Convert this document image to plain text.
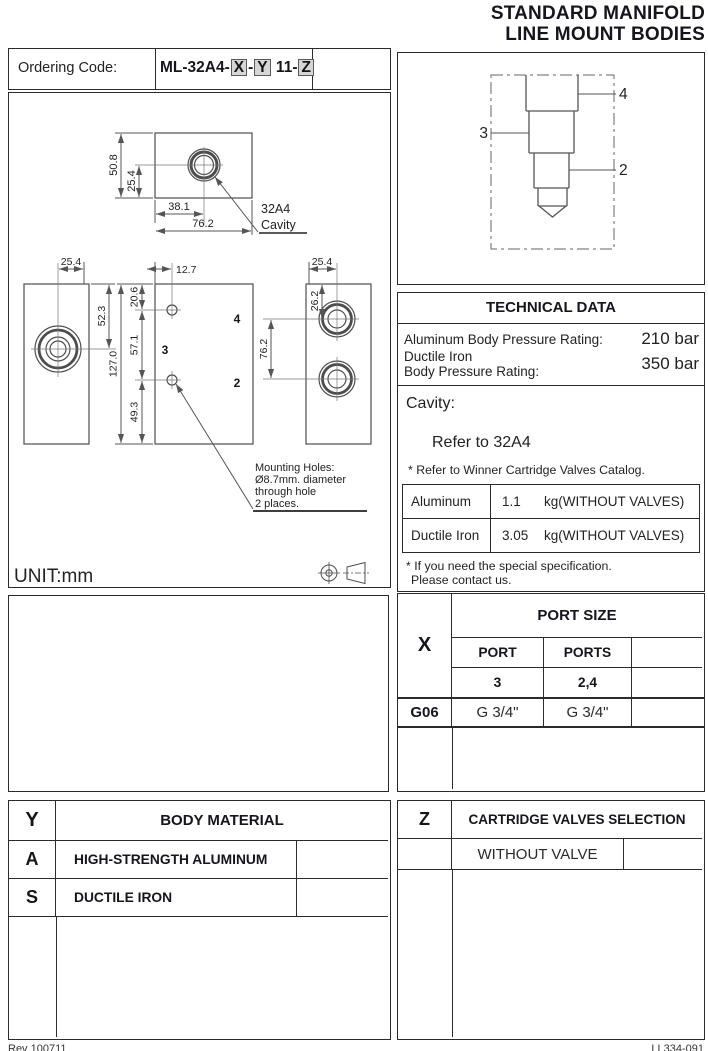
STANDARD MANIFOLD
LINE MOUNT BODIES
Ordering Code:	ML-32A4- X - Y 11- Z
50.8
25.4
38.1
76.2
32A4
Cavity
25.4
52.3
127.0
20.6
57.1
49.3
12.7
25.4
26.2
76.2
4
3
2
Mounting Holes:
Ø8.7mm. diameter
through hole
2 places.
UNIT:mm
4
3
2
TECHNICAL DATA
Aluminum Body Pressure Rating: 210 bar
Ductile Iron
Body Pressure Rating:	350 bar
Cavity:
Refer to 32A4
* Refer to Winner Cartridge Valves Catalog.
Aluminum	1.1	kg(WITHOUT VALVES)
Ductile Iron	3.05	kg(WITHOUT VALVES)
* If you need the special specification.
Please contact us.
X
PORT SIZE
PORT	PORTS
3	2,4
G06	G 3/4"	G 3/4"
Y	BODY MATERIAL
A	HIGH-STRENGTH ALUMINUM
S	DUCTILE IRON
Z	CARTRIDGE VALVES SELECTION
WITHOUT VALVE
Rev 100711	LL334-091
